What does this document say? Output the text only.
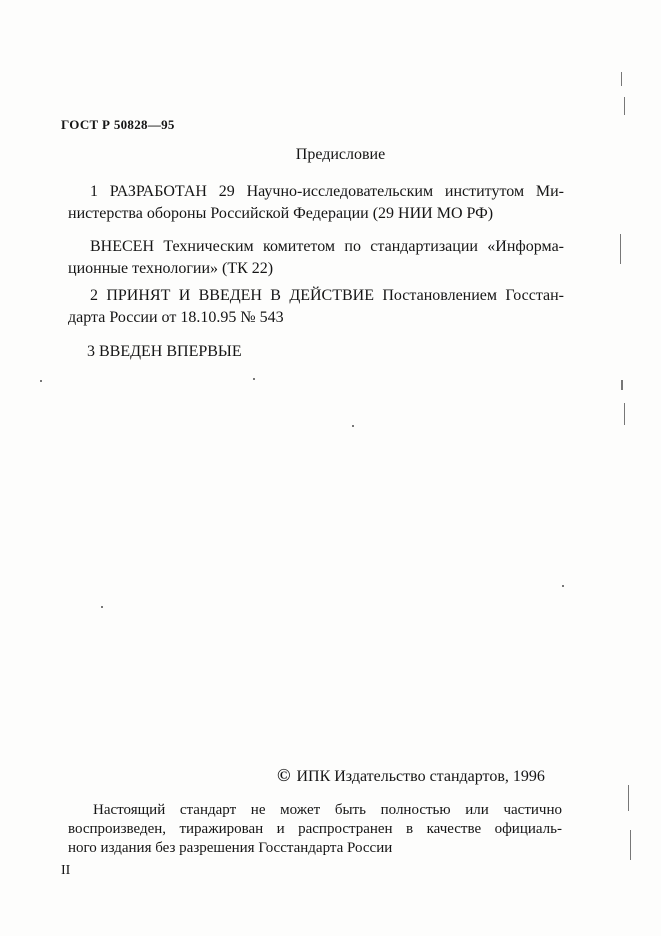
ГОСТ Р 50828—95
Предисловие
1 РАЗРАБОТАН 29 Научно-исследовательским институтом Ми-
нистерства обороны Российской Федерации (29 НИИ МО РФ)
ВНЕСЕН Техническим комитетом по стандартизации «Информа-
ционные технологии» (ТК 22)
2 ПРИНЯТ И ВВЕДЕН В ДЕЙСТВИЕ Постановлением Госстан-
дарта России от 18.10.95 № 543
3 ВВЕДЕН ВПЕРВЫЕ
© ИПК Издательство стандартов, 1996
Настоящий стандарт не может быть полностью или частично
воспроизведен, тиражирован и распространен в качестве официаль-
ного издания без разрешения Госстандарта России
II
